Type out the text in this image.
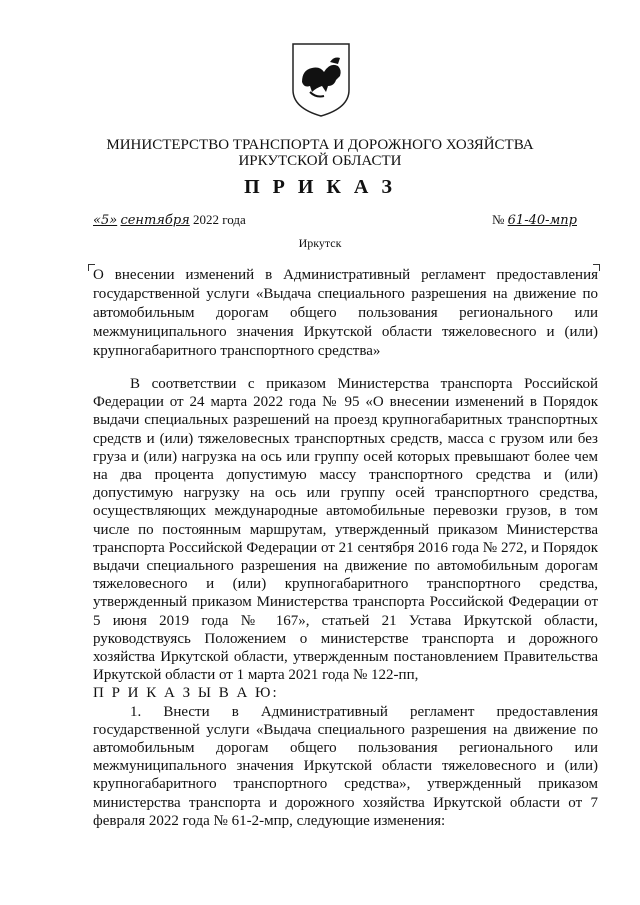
МИНИСТЕРСТВО ТРАНСПОРТА И ДОРОЖНОГО ХОЗЯЙСТВА
ИРКУТСКОЙ ОБЛАСТИ
П Р И К А З
«5» сентября 2022 года	№ 61-40-мпр
Иркутск
О внесении изменений в Административный регламент предоставления государственной услуги «Выдача специального разрешения на движение по автомобильным дорогам общего пользования регионального или межмуниципального значения Иркутской области тяжеловесного и (или) крупногабаритного транспортного средства»

В соответствии с приказом Министерства транспорта Российской Федерации от 24 марта 2022 года № 95 «О внесении изменений в Порядок выдачи специальных разрешений на проезд крупногабаритных транспортных средств и (или) тяжеловесных транспортных средств, масса с грузом или без груза и (или) нагрузка на ось или группу осей которых превышают более чем на два процента допустимую массу транспортного средства и (или) допустимую нагрузку на ось или группу осей транспортного средства, осуществляющих международные автомобильные перевозки грузов, в том числе по постоянным маршрутам, утвержденный приказом Министерства транспорта Российской Федерации от 21 сентября 2016 года № 272, и Порядок выдачи специального разрешения на движение по автомобильным дорогам тяжеловесного и (или) крупногабаритного транспортного средства, утвержденный приказом Министерства транспорта Российской Федерации от 5 июня 2019 года № 167», статьей 21 Устава Иркутской области, руководствуясь Положением о министерстве транспорта и дорожного хозяйства Иркутской области, утвержденным постановлением Правительства Иркутской области от 1 марта 2021 года № 122-пп,

П Р И К А З Ы В А Ю:

1. Внести в Административный регламент предоставления государственной услуги «Выдача специального разрешения на движение по автомобильным дорогам общего пользования регионального или межмуниципального значения Иркутской области тяжеловесного и (или) крупногабаритного транспортного средства», утвержденный приказом министерства транспорта и дорожного хозяйства Иркутской области от 7 февраля 2022 года № 61-2-мпр, следующие изменения:
